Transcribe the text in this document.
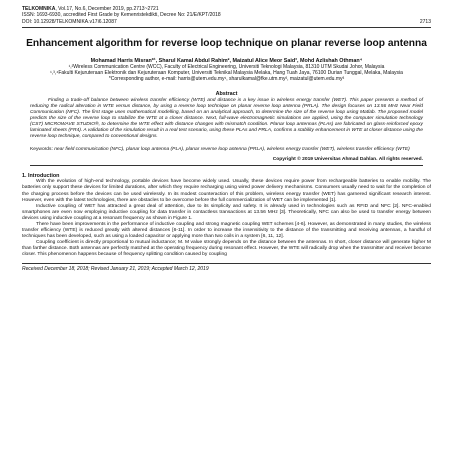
TELKOMNIKA, Vol.17, No.6, December 2019, pp.2713~2721
ISSN: 1693-6930, accredited First Grade by Kemenristekdikti, Decree No: 21/E/KPT/2018
DOI: 10.12928/TELKOMNIKA.v17i6.12087	2713
Enhancement algorithm for reverse loop technique on planar reverse loop antenna
Mohamad Harris Misran*¹, Sharul Kamal Abdul Rahim², Maizatul Alice Meor Said³, Mohd Azlishah Othman⁴
¹,²Wireless Communication Centre (WCC), Faculty of Electrical Engineering, Universiti Teknologi Malaysia, 81310 UTM Skudai Johor, Malaysia
¹,³,⁴Fakulti Kejuruteraan Elektronik dan Kejuruteraan Komputer, Universiti Teknikal Malaysia Melaka, Hang Tuah Jaya, 76100 Durian Tunggal, Melaka, Malaysia
*Corresponding author, e-mail: harris@utem.edu.my¹, sharulkamal@fke.utm.my², maizatul@utem.edu.my³
Abstract

Finding a trade-off balance between wireless transfer efficiency (WTE) and distance is a key issue in wireless energy transfer (WET). This paper presents a method of reducing the radical alteration in WTE versus distance, by using a reverse loop technique on planar reverse loop antenna (PRLA). The design focuses on 13.56 MHz Near Field Communication (NFC). The first stage uses mathematical modelling, based on an analytical approach, to determine the size of the reverse loop using Matlab. The proposed model predicts the size of the reverse loop to stabilize the WTE at a closer distance. Next, full-wave electromagnetic simulations are applied, using the computer simulation technology (CST) MICROWAVE STUDIO®, to determine the WTE effect with distance changes with mismatch condition. Planar loop antennas (PLAs) are fabricated on glass-reinforced epoxy laminated sheets (FR4). A validation of the simulation result in a real test scenario, using these PLAs and PRLA, confirms a stability enhancement in WTE at closer distance using the reverse loop technique, compared to conventional designs.

Keywords: near field communication (NFC), planar loop antenna (PLA), planar reverse loop antenna (PRLA), wireless energy transfer (WET), wireless transfer efficiency (WTE)

Copyright © 2019 Universitas Ahmad Dahlan. All rights reserved.
1. Introduction

With the evolution of high-end technology, portable devices have become widely used. Usually, these devices require power from rechargeable batteries to enable mobility. The batteries only support these devices for limited durations, after which they require recharging using wired power delivery mechanisms. Consumers usually need to wait for the completion of the charging process before the devices can be used wirelessly. In its modest counteraction of this problem, wireless energy transfer (WET) has garnered significant research interest. However, even with the latest technologies, there are obstacles to be overcome before the full commercialization of WET can be implemented [1].

Inductive coupling of WET has attracted a great deal of attention, due to its simplicity and safety. It is already used in technologies such as RFID and NFC [2]. NFC-enabled smartphones are even now employing inductive coupling for data transfer in contactless transactions at 13.56 MHz [3]. Theoretically, NFC can also be used to transfer energy between devices using inductive coupling at a resonant frequency as shown in Figure 1.

There have been improvements in the performance of inductive coupling and strong magnetic coupling WET schemes [4-6]. However, as demonstrated in many studies, the wireless transfer efficiency (WTE) is reduced greatly with altered distances [6-11]. In order to increase the insensitivity to the distance of the transmitting and receiving antennas, a handful of techniques has been developed, such as using a loaded capacitor or applying more than two coils in a system [6, 11, 12].

Coupling coefficient is directly proportional to mutual inductance; M. M value strongly depends on the distance between the antennas. In short, closer distance will generate higher M than farther distance. Both antennas are perfectly matched at the operating frequency during resonant effect. However, the WTE will radically drop when the transmitter and receiver become closer. This phenomenon happens because of frequency splitting condition caused by coupling

Received December 18, 2018; Revised January 21, 2019; Accepted March 12, 2019
